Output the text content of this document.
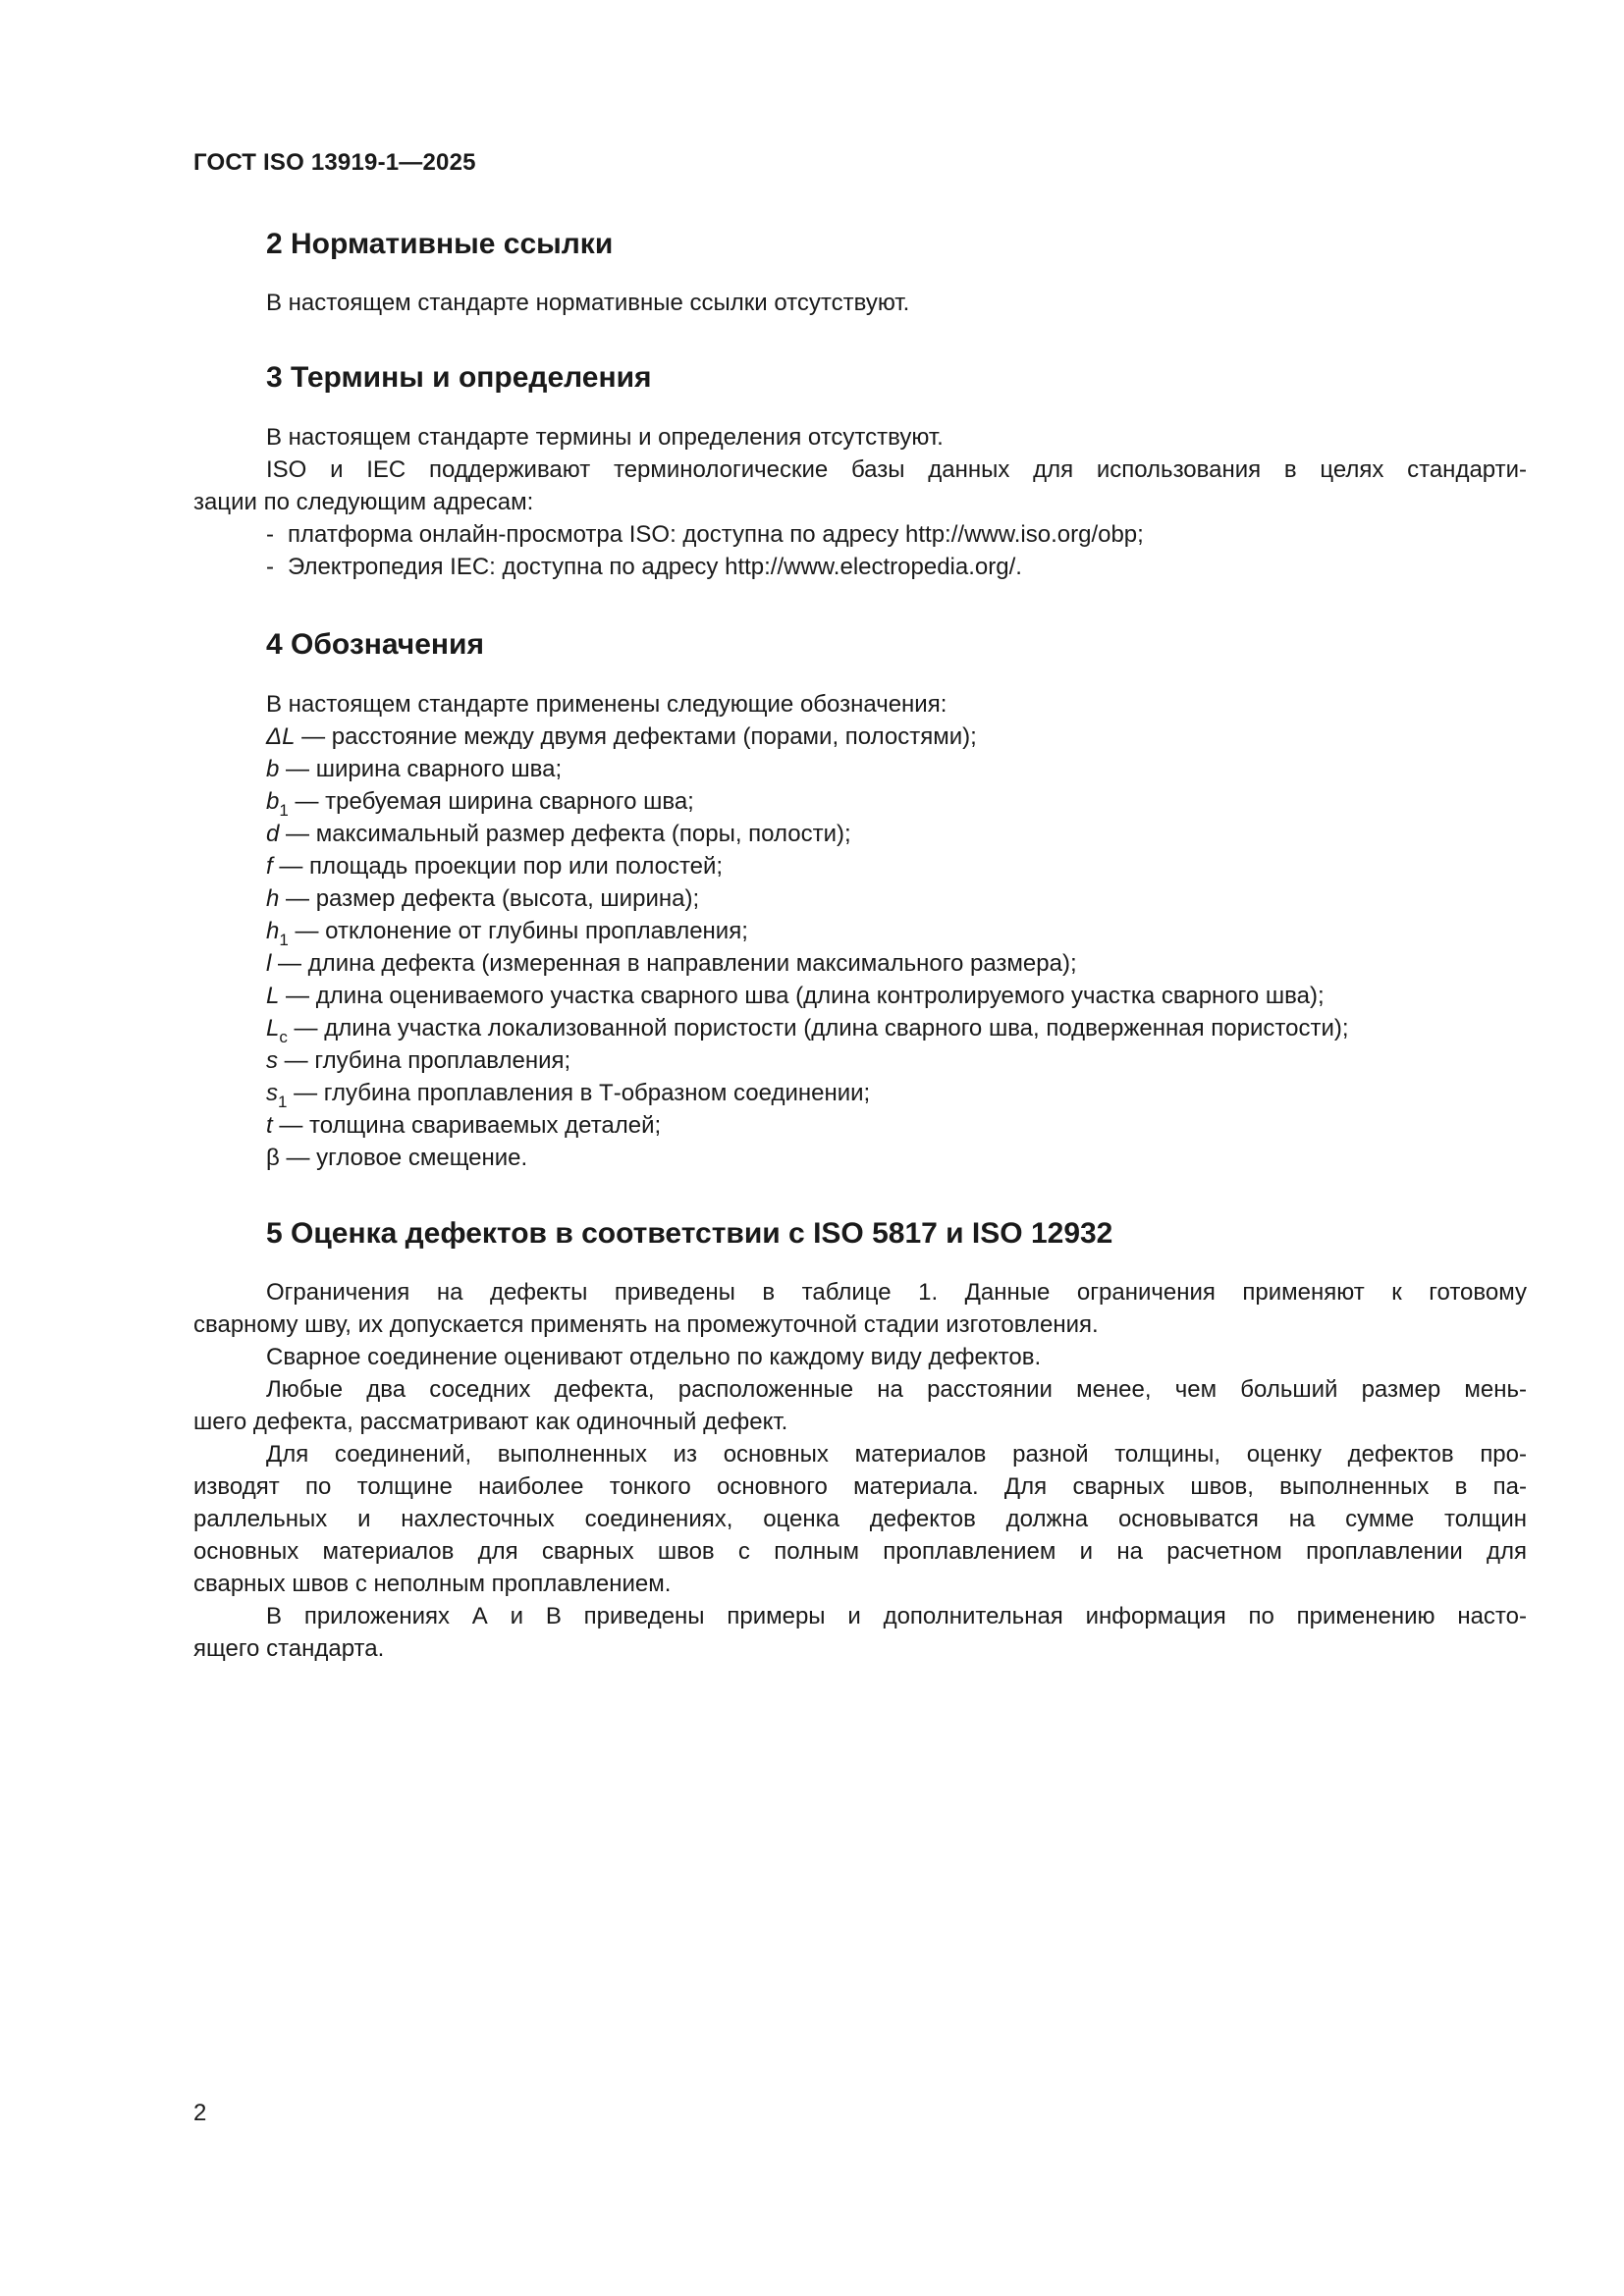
ГОСТ ISO 13919-1—2025
2 Нормативные ссылки
В настоящем стандарте нормативные ссылки отсутствуют.
3 Термины и определения
В настоящем стандарте термины и определения отсутствуют.
ISO и IEC поддерживают терминологические базы данных для использования в целях стандарти-
зации по следующим адресам:
- платформа онлайн-просмотра ISO: доступна по адресу http://www.iso.org/obp;
- Электропедия IEC: доступна по адресу http://www.electropedia.org/.
4 Обозначения
В настоящем стандарте применены следующие обозначения:
ΔL — расстояние между двумя дефектами (порами, полостями);
b — ширина сварного шва;
$b_1$ — требуемая ширина сварного шва;
d — максимальный размер дефекта (поры, полости);
f — площадь проекции пор или полостей;
h — размер дефекта (высота, ширина);
$h_1$ — отклонение от глубины проплавления;
l — длина дефекта (измеренная в направлении максимального размера);
L — длина оцениваемого участка сварного шва (длина контролируемого участка сварного шва);
$L_c$ — длина участка локализованной пористости (длина сварного шва, подверженная пористости);
s — глубина проплавления;
$s_1$ — глубина проплавления в Т-образном соединении;
t — толщина свариваемых деталей;
β — угловое смещение.
5 Оценка дефектов в соответствии с ISO 5817 и ISO 12932
Ограничения на дефекты приведены в таблице 1. Данные ограничения применяют к готовому
сварному шву, их допускается применять на промежуточной стадии изготовления.
Сварное соединение оценивают отдельно по каждому виду дефектов.
Любые два соседних дефекта, расположенные на расстоянии менее, чем больший размер мень-
шего дефекта, рассматривают как одиночный дефект.
Для соединений, выполненных из основных материалов разной толщины, оценку дефектов про-
изводят по толщине наиболее тонкого основного материала. Для сварных швов, выполненных в па-
раллельных и нахлесточных соединениях, оценка дефектов должна основыватся на сумме толщин
основных материалов для сварных швов с полным проплавлением и на расчетном проплавлении для
сварных швов с неполным проплавлением.
В приложениях А и В приведены примеры и дополнительная информация по применению насто-
ящего стандарта.
2
